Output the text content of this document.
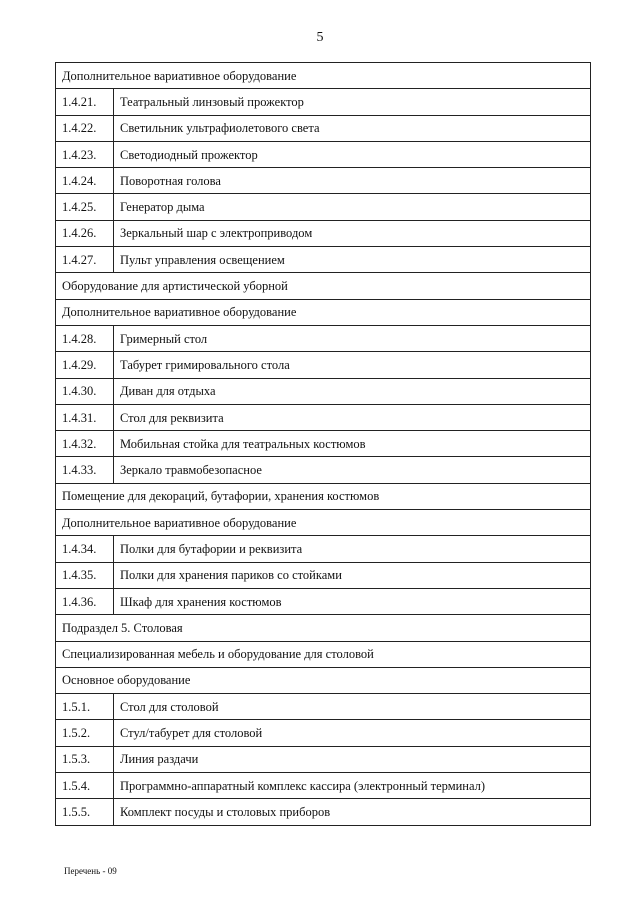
5
Дополнительное вариативное оборудование	
1.4.21.	Театральный линзовый прожектор
1.4.22.	Светильник ультрафиолетового света
1.4.23.	Светодиодный прожектор
1.4.24.	Поворотная голова
1.4.25.	Генератор дыма
1.4.26.	Зеркальный шар с электроприводом
1.4.27.	Пульт управления освещением
Оборудование для артистической уборной	
Дополнительное вариативное оборудование	
1.4.28.	Гримерный стол
1.4.29.	Табурет гримировального стола
1.4.30.	Диван для отдыха
1.4.31.	Стол для реквизита
1.4.32.	Мобильная стойка для театральных костюмов
1.4.33.	Зеркало травмобезопасное
Помещение для декораций, бутафории, хранения костюмов	
Дополнительное вариативное оборудование	
1.4.34.	Полки для бутафории и реквизита
1.4.35.	Полки для хранения париков со стойками
1.4.36.	Шкаф для хранения костюмов
Подраздел 5. Столовая	
Специализированная мебель и оборудование для столовой	
Основное оборудование	
1.5.1.	Стол для столовой
1.5.2.	Стул/табурет для столовой
1.5.3.	Линия раздачи
1.5.4.	Программно-аппаратный комплекс кассира (электронный терминал)
1.5.5.	Комплект посуды и столовых приборов
Перечень - 09
